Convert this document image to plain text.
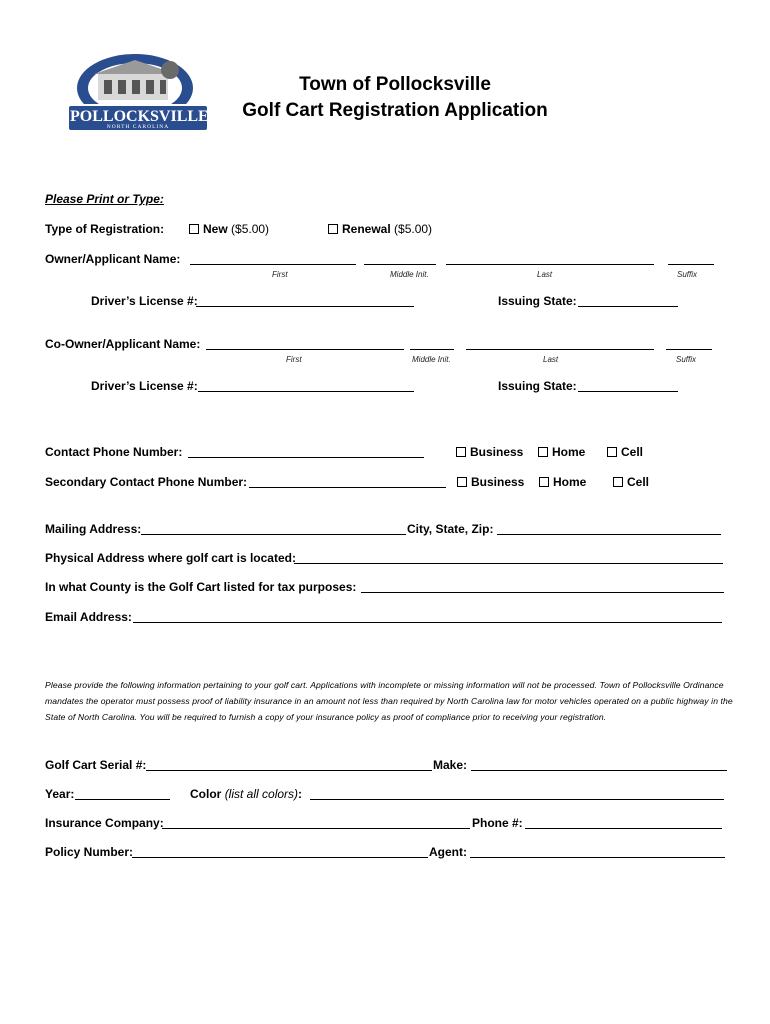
CHARTERED 1795
POLLOCKSVILLE
NORTH CAROLINA
Town of Pollocksville
Golf Cart Registration Application
Please Print or Type:
Type of Registration:	New ($5.00)	Renewal ($5.00)
Owner/Applicant Name:
First	Middle Init.	Last	Suffix
Driver’s License #:	Issuing State:
Co-Owner/Applicant Name:
First	Middle Init.	Last	Suffix
Driver’s License #:	Issuing State:
Contact Phone Number:	Business	Home	Cell
Secondary Contact Phone Number:	Business	Home	Cell
Mailing Address:	City, State, Zip:
Physical Address where golf cart is located:
In what County is the Golf Cart listed for tax purposes:
Email Address:
Please provide the following information pertaining to your golf cart. Applications with incomplete or missing information will not be processed. Town of Pollocksville Ordinance mandates the operator must possess proof of liability insurance in an amount not less than required by North Carolina law for motor vehicles operated on a public highway in the State of North Carolina. You will be required to furnish a copy of your insurance policy as proof of compliance prior to receiving your registration.
Golf Cart Serial #:	Make:
Year:	Color (list all colors):
Insurance Company:	Phone #:
Policy Number:	Agent:
